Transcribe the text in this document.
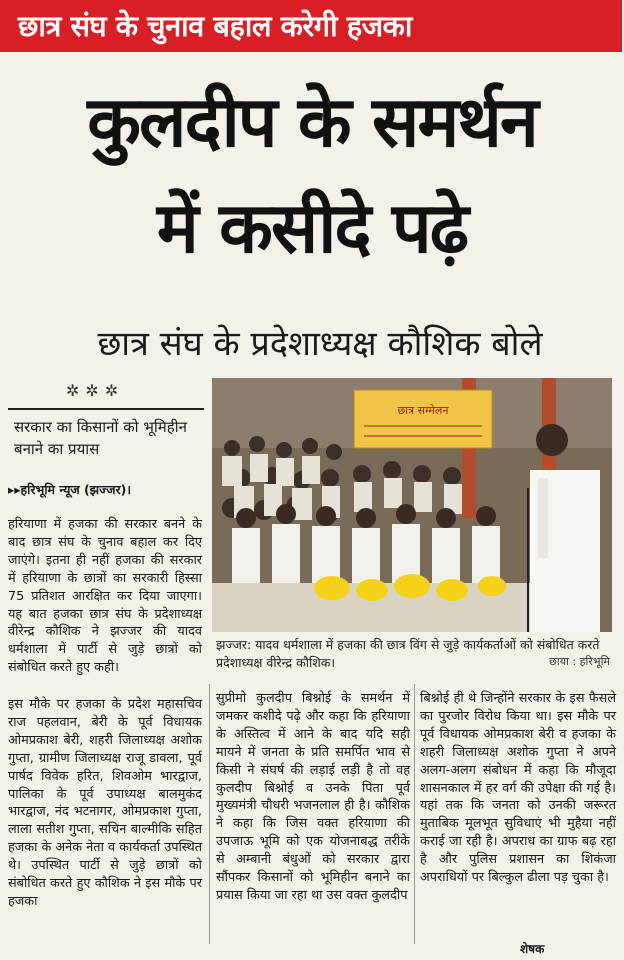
छात्र संघ के चुनाव बहाल करेगी हजका
कुलदीप के समर्थन
में कसीदे पढ़े
छात्र संघ के प्रदेशाध्यक्ष कौशिक बोले
✲✲✲
सरकार का किसानों को भूमिहीन बनाने का प्रयास
▸▸हरिभूमि न्यूज (झज्जर)।
हरियाणा में हजका की सरकार बनने के बाद छात्र संघ के चुनाव बहाल कर दिए जाएंगे। इतना ही नहीं हजका की सरकार में हरियाणा के छात्रों का सरकारी हिस्सा 75 प्रतिशत आरक्षित कर दिया जाएगा। यह बात हजका छात्र संघ के प्रदेशाध्यक्ष वीरेन्द्र कौशिक ने झज्जर की यादव धर्मशाला में पार्टी से जुड़े छात्रों को संबोधित करते हुए कही।
छात्र सम्मेलन
झज्जर: यादव धर्मशाला में हजका की छात्र विंग से जुड़े कार्यकर्ताओं को संबोधित करते प्रदेशाध्यक्ष वीरेन्द्र कौशिक।	छाया : हरिभूमि
इस मौके पर हजका के प्रदेश महासचिव राज पहलवान, बेरी के पूर्व विधायक ओमप्रकाश बेरी, शहरी जिलाध्यक्ष अशोक गुप्ता, ग्रामीण जिलाध्यक्ष राजू डावला, पूर्व पार्षद विवेक हरित, शिवओम भारद्वाज, पालिका के पूर्व उपाध्यक्ष बालमुकंद भारद्वाज, नंद भटनागर, ओमप्रकाश गुप्ता, लाला सतीश गुप्ता, सचिन बाल्मीकि सहित हजका के अनेक नेता व कार्यकर्ता उपस्थित थे। उपस्थित पार्टी से जुड़े छात्रों को संबोधित करते हुए कौशिक ने इस मौके पर हजका
सुप्रीमो कुलदीप बिश्नोई के समर्थन में जमकर कशीदे पढ़े और कहा कि हरियाणा के अस्तित्व में आने के बाद यदि सही मायने में जनता के प्रति समर्पित भाव से किसी ने संघर्ष की लड़ाई लड़ी है तो वह कुलदीप बिश्नोई व उनके पिता पूर्व मुख्यमंत्री चौधरी भजनलाल ही है। कौशिक ने कहा कि जिस वक्त हरियाणा की उपजाऊ भूमि को एक योजनाबद्ध तरीके से अम्बानी बंधुओं को सरकार द्वारा सौंपकर किसानों को भूमिहीन बनाने का प्रयास किया जा रहा था उस वक्त कुलदीप
बिश्नोई ही थे जिन्होंने सरकार के इस फैसले का पुरजोर विरोध किया था। इस मौके पर पूर्व विधायक ओमप्रकाश बेरी व हजका के शहरी जिलाध्यक्ष अशोक गुप्ता ने अपने अलग-अलग संबोधन में कहा कि मौजूदा शासनकाल में हर वर्ग की उपेक्षा की गई है। यहां तक कि जनता को उनकी जरूरत मुताबिक मूलभूत सुविधाएं भी मुहैया नहीं कराई जा रही है। अपराध का ग्राफ बढ़ रहा है और पुलिस प्रशासन का शिकंजा अपराधियों पर बिल्कुल ढीला पड़ चुका है।
शेषक
